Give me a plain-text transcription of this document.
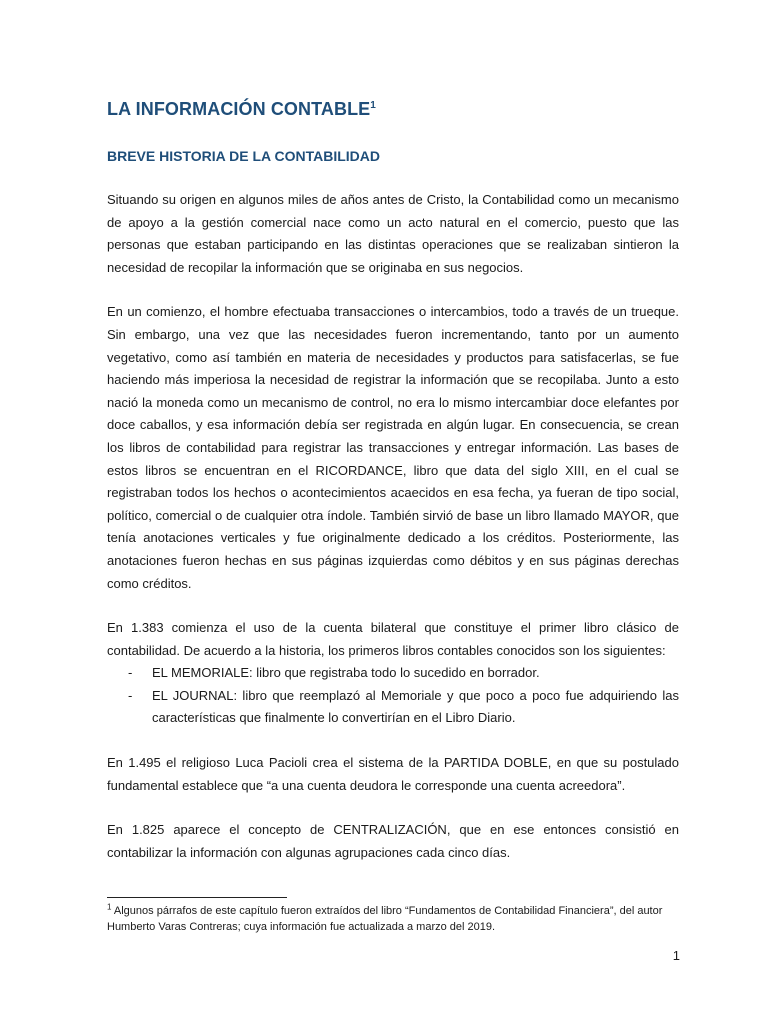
LA INFORMACIÓN CONTABLE$^1$
BREVE HISTORIA DE LA CONTABILIDAD

Situando su origen en algunos miles de años antes de Cristo, la Contabilidad como un mecanismo de apoyo a la gestión comercial nace como un acto natural en el comercio, puesto que las personas que estaban participando en las distintas operaciones que se realizaban sintieron la necesidad de recopilar la información que se originaba en sus negocios.

En un comienzo, el hombre efectuaba transacciones o intercambios, todo a través de un trueque. Sin embargo, una vez que las necesidades fueron incrementando, tanto por un aumento vegetativo, como así también en materia de necesidades y productos para satisfacerlas, se fue haciendo más imperiosa la necesidad de registrar la información que se recopilaba. Junto a esto nació la moneda como un mecanismo de control, no era lo mismo intercambiar doce elefantes por doce caballos, y esa información debía ser registrada en algún lugar. En consecuencia, se crean los libros de contabilidad para registrar las transacciones y entregar información. Las bases de estos libros se encuentran en el RICORDANCE, libro que data del siglo XIII, en el cual se registraban todos los hechos o acontecimientos acaecidos en esa fecha, ya fueran de tipo social, político, comercial o de cualquier otra índole. También sirvió de base un libro llamado MAYOR, que tenía anotaciones verticales y fue originalmente dedicado a los créditos. Posteriormente, las anotaciones fueron hechas en sus páginas izquierdas como débitos y en sus páginas derechas como créditos.

En 1.383 comienza el uso de la cuenta bilateral que constituye el primer libro clásico de contabilidad. De acuerdo a la historia, los primeros libros contables conocidos son los siguientes:

- EL MEMORIALE: libro que registraba todo lo sucedido en borrador.
- EL JOURNAL: libro que reemplazó al Memoriale y que poco a poco fue adquiriendo las características que finalmente lo convertirían en el Libro Diario.

En 1.495 el religioso Luca Pacioli crea el sistema de la PARTIDA DOBLE, en que su postulado fundamental establece que “a una cuenta deudora le corresponde una cuenta acreedora”.

En 1.825 aparece el concepto de CENTRALIZACIÓN, que en ese entonces consistió en contabilizar la información con algunas agrupaciones cada cinco días.

$^1$ Algunos párrafos de este capítulo fueron extraídos del libro “Fundamentos de Contabilidad Financiera”, del autor Humberto Varas Contreras; cuya información fue actualizada a marzo del 2019.

1
